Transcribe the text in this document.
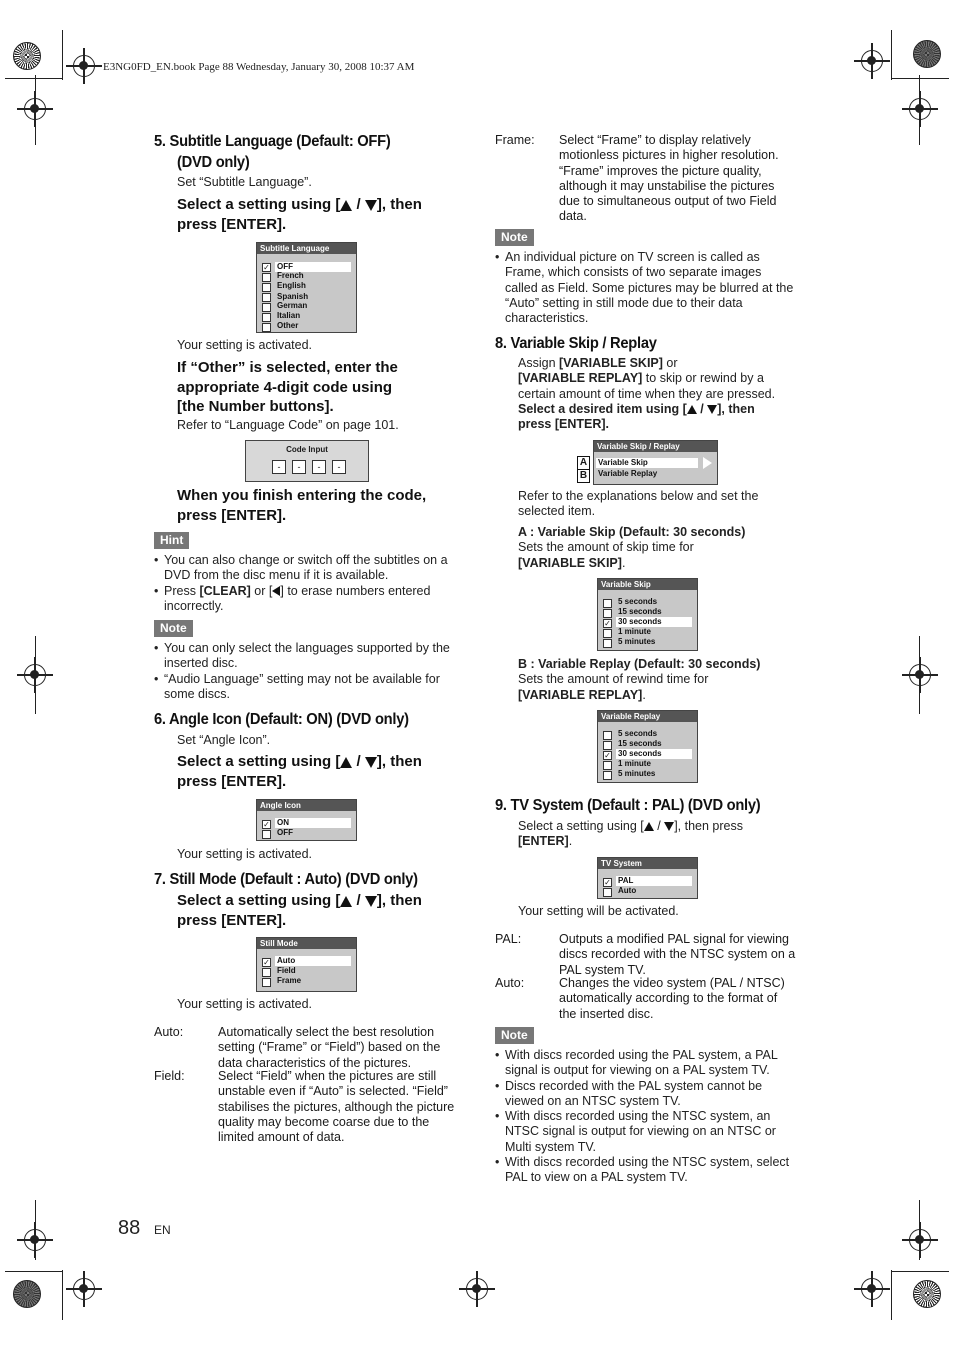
E3NG0FD_EN.book Page 88 Wednesday, January 30, 2008 10:37 AM
5. Subtitle Language (Default: OFF)
(DVD only)
Set “Subtitle Language”.
Select a setting using [ / ], then
press [ENTER].
Subtitle Language
✓ OFF
French
English
Spanish
German
Italian
Other
Your setting is activated.
If “Other” is selected, enter the
appropriate 4-digit code using
[the Number buttons].
Refer to “Language Code” on page 101.
Code Input
-	-	-	-
When you finish entering the code,
press [ENTER].
Hint
• You can also change or switch off the subtitles on a
DVD from the disc menu if it is available.
• Press [CLEAR] or [ ] to erase numbers entered
incorrectly.
Note
• You can only select the languages supported by the
inserted disc.
• “Audio Language” setting may not be available for
some discs.
6. Angle Icon (Default: ON) (DVD only)
Set “Angle Icon”.
Select a setting using [ / ], then
press [ENTER].
Angle Icon
✓ ON
OFF
Your setting is activated.
7. Still Mode (Default : Auto) (DVD only)
Select a setting using [ / ], then
press [ENTER].
Still Mode
✓ Auto
Field
Frame
Your setting is activated.
Auto:	Automatically select the best resolution
setting (“Frame” or “Field”) based on the
data characteristics of the pictures.
Field:	Select “Field” when the pictures are still
unstable even if “Auto” is selected. “Field”
stabilises the pictures, although the picture
quality may become coarse due to the
limited amount of data.
Frame: Select “Frame” to display relatively
motionless pictures in higher resolution.
“Frame” improves the picture quality,
although it may unstabilise the pictures
due to simultaneous output of two Field
data.
Note
• An individual picture on TV screen is called as
Frame, which consists of two separate images
called as Field. Some pictures may be blurred at the
“Auto” setting in still mode due to their data
characteristics.
8. Variable Skip / Replay
Assign [VARIABLE SKIP] or
[VARIABLE REPLAY] to skip or rewind by a
certain amount of time when they are pressed.
Select a desired item using [ / ], then
press [ENTER].
A
B
Variable Skip / Replay
Variable Skip
Variable Replay
Refer to the explanations below and set the
selected item.
A : Variable Skip (Default: 30 seconds)
Sets the amount of skip time for
[VARIABLE SKIP].
Variable Skip
5 seconds
15 seconds
✓ 30 seconds
1 minute
5 minutes
B : Variable Replay (Default: 30 seconds)
Sets the amount of rewind time for
[VARIABLE REPLAY].
Variable Replay
5 seconds
15 seconds
✓ 30 seconds
1 minute
5 minutes
9. TV System (Default : PAL) (DVD only)
Select a setting using [ / ], then press
[ENTER].
TV System
✓ PAL
Auto
Your setting will be activated.
PAL:	Outputs a modified PAL signal for viewing
discs recorded with the NTSC system on a
PAL system TV.
Auto:	Changes the video system (PAL / NTSC)
automatically according to the format of
the inserted disc.
Note
• With discs recorded using the PAL system, a PAL
signal is output for viewing on a PAL system TV.
• Discs recorded with the PAL system cannot be
viewed on an NTSC system TV.
• With discs recorded using the NTSC system, an
NTSC signal is output for viewing on an NTSC or
Multi system TV.
• With discs recorded using the NTSC system, select
PAL to view on a PAL system TV.
88 EN
